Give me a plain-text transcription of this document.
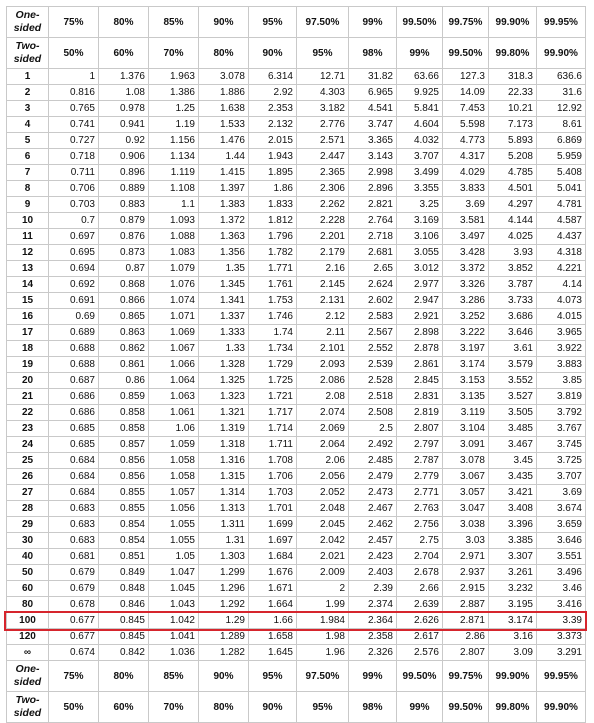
One-sided	75%	80%	85%	90%	95%	97.50%	99%	99.50%	99.75%	99.90%	99.95%
Two-sided	50%	60%	70%	80%	90%	95%	98%	99%	99.50%	99.80%	99.90%
1	1	1.376	1.963	3.078	6.314	12.71	31.82	63.66	127.3	318.3	636.6
2	0.816	1.08	1.386	1.886	2.92	4.303	6.965	9.925	14.09	22.33	31.6
3	0.765	0.978	1.25	1.638	2.353	3.182	4.541	5.841	7.453	10.21	12.92
4	0.741	0.941	1.19	1.533	2.132	2.776	3.747	4.604	5.598	7.173	8.61
5	0.727	0.92	1.156	1.476	2.015	2.571	3.365	4.032	4.773	5.893	6.869
6	0.718	0.906	1.134	1.44	1.943	2.447	3.143	3.707	4.317	5.208	5.959
7	0.711	0.896	1.119	1.415	1.895	2.365	2.998	3.499	4.029	4.785	5.408
8	0.706	0.889	1.108	1.397	1.86	2.306	2.896	3.355	3.833	4.501	5.041
9	0.703	0.883	1.1	1.383	1.833	2.262	2.821	3.25	3.69	4.297	4.781
10	0.7	0.879	1.093	1.372	1.812	2.228	2.764	3.169	3.581	4.144	4.587
11	0.697	0.876	1.088	1.363	1.796	2.201	2.718	3.106	3.497	4.025	4.437
12	0.695	0.873	1.083	1.356	1.782	2.179	2.681	3.055	3.428	3.93	4.318
13	0.694	0.87	1.079	1.35	1.771	2.16	2.65	3.012	3.372	3.852	4.221
14	0.692	0.868	1.076	1.345	1.761	2.145	2.624	2.977	3.326	3.787	4.14
15	0.691	0.866	1.074	1.341	1.753	2.131	2.602	2.947	3.286	3.733	4.073
16	0.69	0.865	1.071	1.337	1.746	2.12	2.583	2.921	3.252	3.686	4.015
17	0.689	0.863	1.069	1.333	1.74	2.11	2.567	2.898	3.222	3.646	3.965
18	0.688	0.862	1.067	1.33	1.734	2.101	2.552	2.878	3.197	3.61	3.922
19	0.688	0.861	1.066	1.328	1.729	2.093	2.539	2.861	3.174	3.579	3.883
20	0.687	0.86	1.064	1.325	1.725	2.086	2.528	2.845	3.153	3.552	3.85
21	0.686	0.859	1.063	1.323	1.721	2.08	2.518	2.831	3.135	3.527	3.819
22	0.686	0.858	1.061	1.321	1.717	2.074	2.508	2.819	3.119	3.505	3.792
23	0.685	0.858	1.06	1.319	1.714	2.069	2.5	2.807	3.104	3.485	3.767
24	0.685	0.857	1.059	1.318	1.711	2.064	2.492	2.797	3.091	3.467	3.745
25	0.684	0.856	1.058	1.316	1.708	2.06	2.485	2.787	3.078	3.45	3.725
26	0.684	0.856	1.058	1.315	1.706	2.056	2.479	2.779	3.067	3.435	3.707
27	0.684	0.855	1.057	1.314	1.703	2.052	2.473	2.771	3.057	3.421	3.69
28	0.683	0.855	1.056	1.313	1.701	2.048	2.467	2.763	3.047	3.408	3.674
29	0.683	0.854	1.055	1.311	1.699	2.045	2.462	2.756	3.038	3.396	3.659
30	0.683	0.854	1.055	1.31	1.697	2.042	2.457	2.75	3.03	3.385	3.646
40	0.681	0.851	1.05	1.303	1.684	2.021	2.423	2.704	2.971	3.307	3.551
50	0.679	0.849	1.047	1.299	1.676	2.009	2.403	2.678	2.937	3.261	3.496
60	0.679	0.848	1.045	1.296	1.671	2	2.39	2.66	2.915	3.232	3.46
80	0.678	0.846	1.043	1.292	1.664	1.99	2.374	2.639	2.887	3.195	3.416
100	0.677	0.845	1.042	1.29	1.66	1.984	2.364	2.626	2.871	3.174	3.39
120	0.677	0.845	1.041	1.289	1.658	1.98	2.358	2.617	2.86	3.16	3.373
∞	0.674	0.842	1.036	1.282	1.645	1.96	2.326	2.576	2.807	3.09	3.291
One-sided	75%	80%	85%	90%	95%	97.50%	99%	99.50%	99.75%	99.90%	99.95%
Two-sided	50%	60%	70%	80%	90%	95%	98%	99%	99.50%	99.80%	99.90%
